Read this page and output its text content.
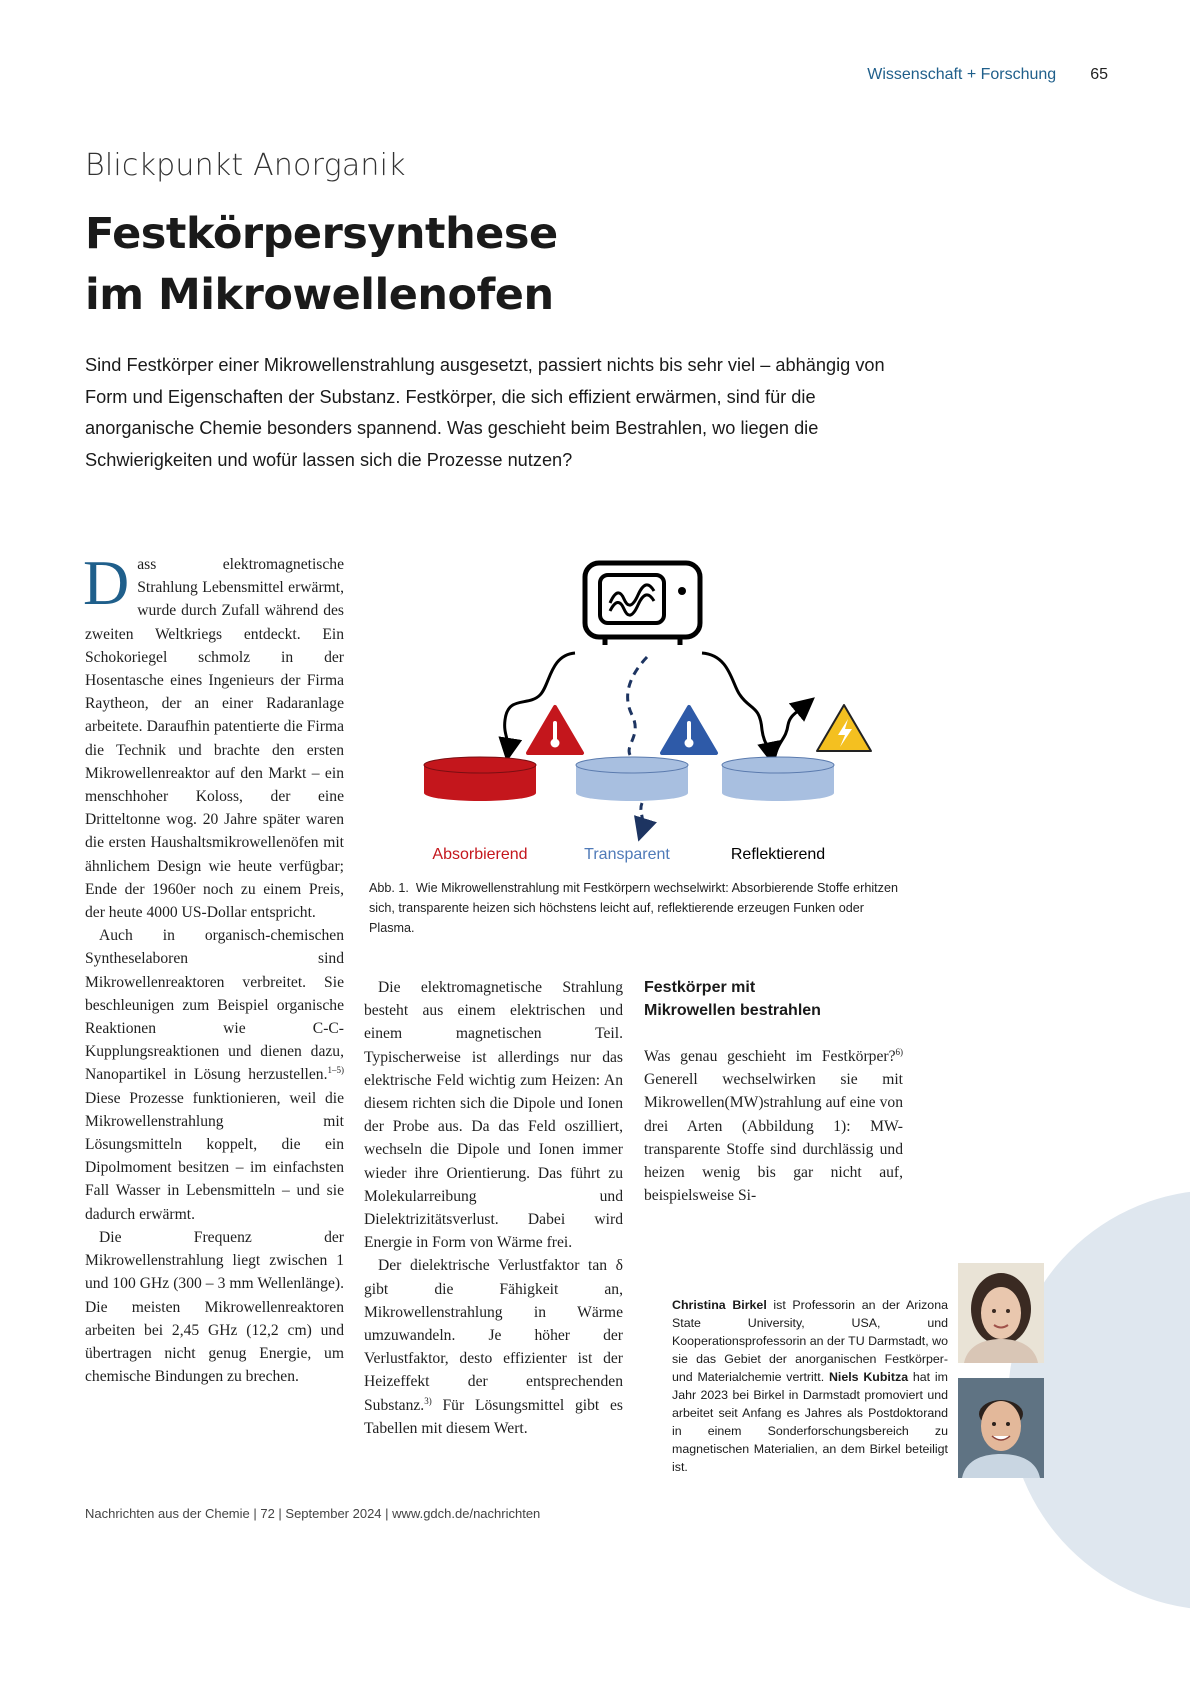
Wissenschaft + Forschung 65
Blickpunkt Anorganik
Festkörpersynthese
im Mikrowellenofen
Sind Festkörper einer Mikrowellenstrahlung ausgesetzt, passiert nichts bis sehr viel – abhängig von Form und Eigenschaften der Substanz. Festkörper, die sich effizient erwärmen, sind für die anorganische Chemie besonders spannend. Was geschieht beim Bestrahlen, wo liegen die Schwierigkeiten und wofür lassen sich die Prozesse nutzen?

Dass elektromagnetische Strahlung Lebensmittel erwärmt, wurde durch Zufall während des zweiten Weltkriegs entdeckt. Ein Schokoriegel schmolz in der Hosentasche eines Ingenieurs der Firma Raytheon, der an einer Radaranlage arbeitete. Daraufhin patentierte die Firma die Technik und brachte den ersten Mikrowellenreaktor auf den Markt – ein menschhoher Koloss, der eine Dritteltonne wog. 20 Jahre später waren die ersten Haushaltsmikrowellenöfen mit ähnlichem Design wie heute verfügbar; Ende der 1960er noch zu einem Preis, der heute 4000 US-Dollar entspricht.

Auch in organisch-chemischen Syntheselaboren sind Mikrowellenreaktoren verbreitet. Sie beschleunigen zum Beispiel organische Reaktionen wie C-C-Kupplungsreaktionen und dienen dazu, Nanopartikel in Lösung herzustellen.$^{1-5)}$ Diese Prozesse funktionieren, weil die Mikrowellenstrahlung mit Lösungsmitteln koppelt, die ein Dipolmoment besitzen – im einfachsten Fall Wasser in Lebensmitteln – und sie dadurch erwärmt.

Die Frequenz der Mikrowellenstrahlung liegt zwischen 1 und 100 GHz (300 – 3 mm Wellenlänge). Die meisten Mikrowellenreaktoren arbeiten bei 2,45 GHz (12,2 cm) und übertragen nicht genug Energie, um chemische Bindungen zu brechen.

Absorbierend	Transparent	Reflektierend
Abb. 1. Wie Mikrowellenstrahlung mit Festkörpern wechselwirkt: Absorbierende Stoffe erhitzen sich, transparente heizen sich höchstens leicht auf, reflektierende erzeugen Funken oder Plasma.

Die elektromagnetische Strahlung besteht aus einem elektrischen und einem magnetischen Teil. Typischerweise ist allerdings nur das elektrische Feld wichtig zum Heizen: An diesem richten sich die Dipole und Ionen der Probe aus. Da das Feld oszilliert, wechseln die Dipole und Ionen immer wieder ihre Orientierung. Das führt zu Molekularreibung und Dielektrizitätsverlust. Dabei wird Energie in Form von Wärme frei.

Der dielektrische Verlustfaktor tan δ gibt die Fähigkeit an, Mikrowellenstrahlung in Wärme umzuwandeln. Je höher der Verlustfaktor, desto effizienter ist der Heizeffekt der entsprechenden Substanz.$^{3)}$ Für Lösungsmittel gibt es Tabellen mit diesem Wert.

Festkörper mit
Mikrowellen bestrahlen

Was genau geschieht im Festkörper?$^{6)}$ Generell wechselwirken sie mit Mikrowellen(MW)strahlung auf eine von drei Arten (Abbildung 1): MW-transparente Stoffe sind durchlässig und heizen wenig bis gar nicht auf, beispielsweise Si-

Christina Birkel ist Professorin an der Arizona State University, USA, und Kooperationsprofessorin an der TU Darmstadt, wo sie das Gebiet der anorganischen Festkörper- und Materialchemie vertritt. Niels Kubitza hat im Jahr 2023 bei Birkel in Darmstadt promoviert und arbeitet seit Anfang es Jahres als Postdoktorand in einem Sonderforschungsbereich zu magnetischen Materialien, an dem Birkel beteiligt ist.

Nachrichten aus der Chemie | 72 | September 2024 | www.gdch.de/nachrichten
